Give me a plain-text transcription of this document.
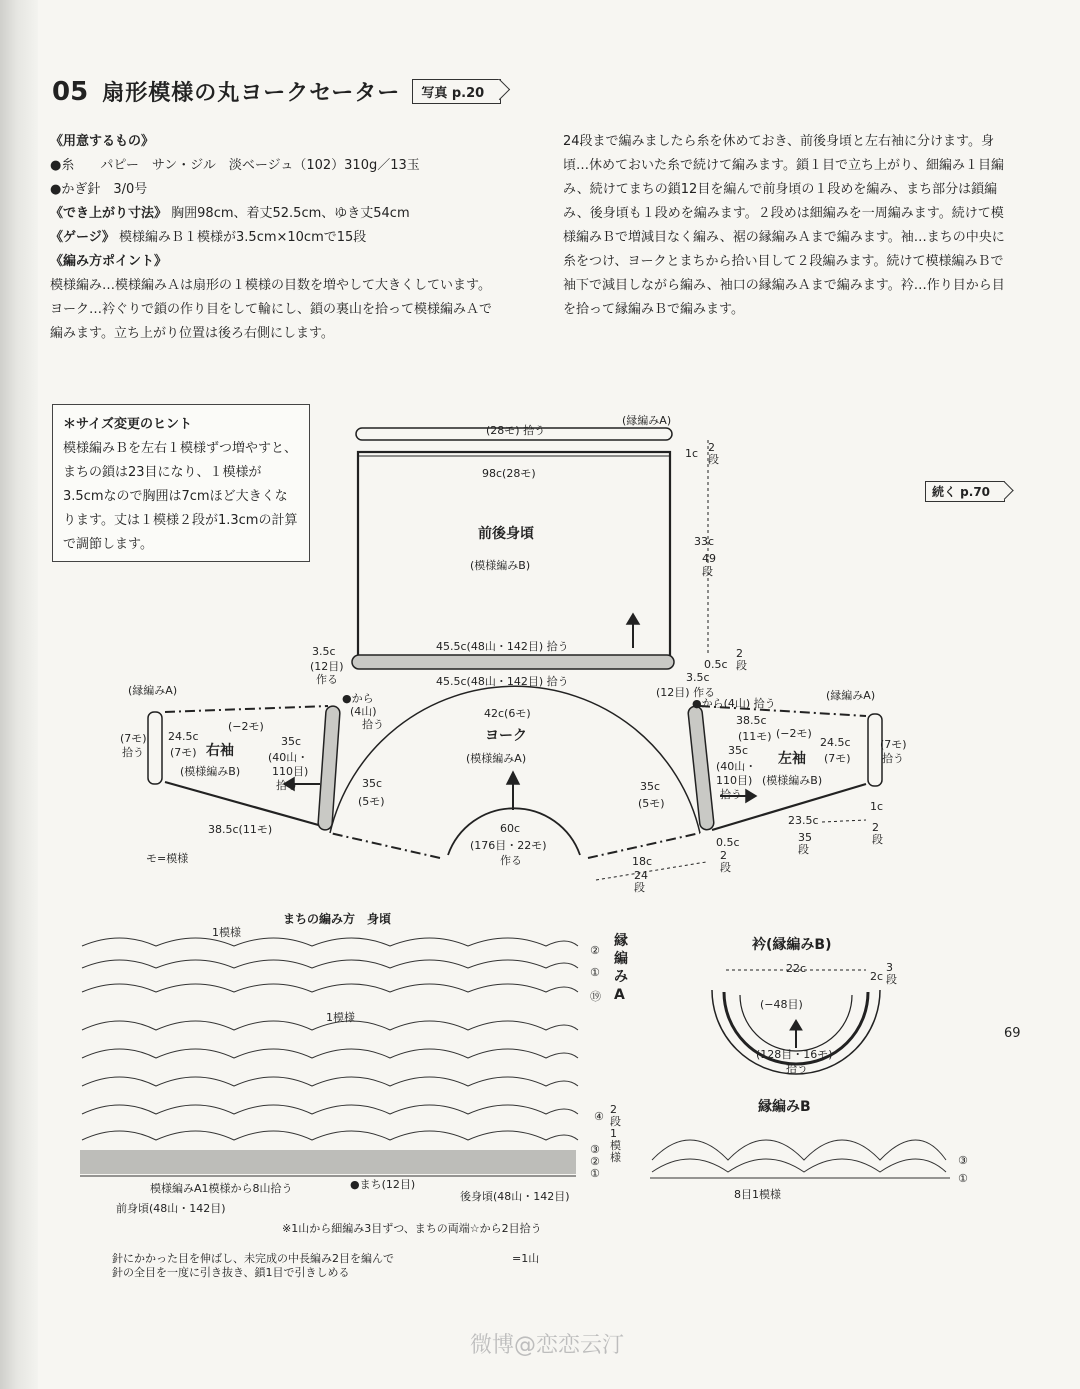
05 扇形模様の丸ヨークセーター	写真 p.20
《用意するもの》
●糸　　 パピー　サン・ジル　淡ベージュ（102）310g／13玉
●かぎ針　 3/0号
《でき上がり寸法》 胸囲98cm、着丈52.5cm、ゆき丈54cm
《ゲージ》 模様編みＢ１模様が3.5cm×10cmで15段
《編み方ポイント》
模様編み…模様編みＡは扇形の１模様の目数を増やして大きくしています。ヨーク…衿ぐりで鎖の作り目をして輪にし、鎖の裏山を拾って模様編みＡで編みます。立ち上がり位置は後ろ右側にします。
24段まで編みましたら糸を休めておき、前後身頃と左右袖に分けます。身頃…休めておいた糸で続けて編みます。鎖１目で立ち上がり、細編み１目編み、続けてまちの鎖12目を編んで前身頃の１段めを編み、まち部分は鎖編み、後身頃も１段めを編みます。２段めは細編みを一周編みます。続けて模様編みＢで増減目なく編み、裾の縁編みＡまで編みます。袖…まちの中央に糸をつけ、ヨークとまちから拾い目して２段編みます。続けて模様編みＢで袖下で減目しながら編み、袖口の縁編みＡまで編みます。衿…作り目から目を拾って縁編みＢで編みます。
＊サイズ変更のヒント
模様編みＢを左右１模様ずつ増やすと、まちの鎖は23目になり、１模様が3.5cmなので胸囲は7cmほど大きくなります。丈は１模様２段が1.3cmの計算で調節します。
続く p.70
(28モ) 拾う
(縁編みA)
98c(28モ)
前後身頃
(模様編みB)
1c 2段
33c
49段
45.5c(48山・142目) 拾う
45.5c(48山・142目) 拾う
3.5c
(12目)
作る	3.5c
(12目) 作る
0.5c
2段
42c(6モ)
ヨーク
(模様編みA)
35c
(5モ)
35c
(5モ)
60c
(176目・22モ)
作る
(縁編みA)
(7モ)
拾う
24.5c
(7モ)
(−2モ)
右袖
(模様編みB)
●から
(4山)
拾う
35c
(40山・
110目)
拾う
38.5c(11モ)
(縁編みA)
●から(4山) 拾う
38.5c
(11モ) (−2モ)
24.5c
(7モ)
(7モ)
拾う
35c
(40山・
110目)
拾う
左袖
(模様編みB)
1c
2段
23.5c
35段
0.5c
2段
18c
24段
モ=模様
まちの編み方　身頃
1模様
1模様
縁編みA
②
①
⑲
④
③
②
①
2段1模様
模様編みA1模様から8山拾う	●まち(12目)
後身頃(48山・142目)
前身頃(48山・142目)
※1山から細編み3目ずつ、まちの両端☆から2目拾う
針にかかった目を伸ばし、未完成の中長編み2目を編んで
針の全目を一度に引き抜き、鎖1目で引きしめる
=1山
衿(縁編みB)
22c
(−48目)
(128目・16モ)
拾う
2c
3段
縁編みB
③
①
8目1模様
69
微博@恋恋云汀
